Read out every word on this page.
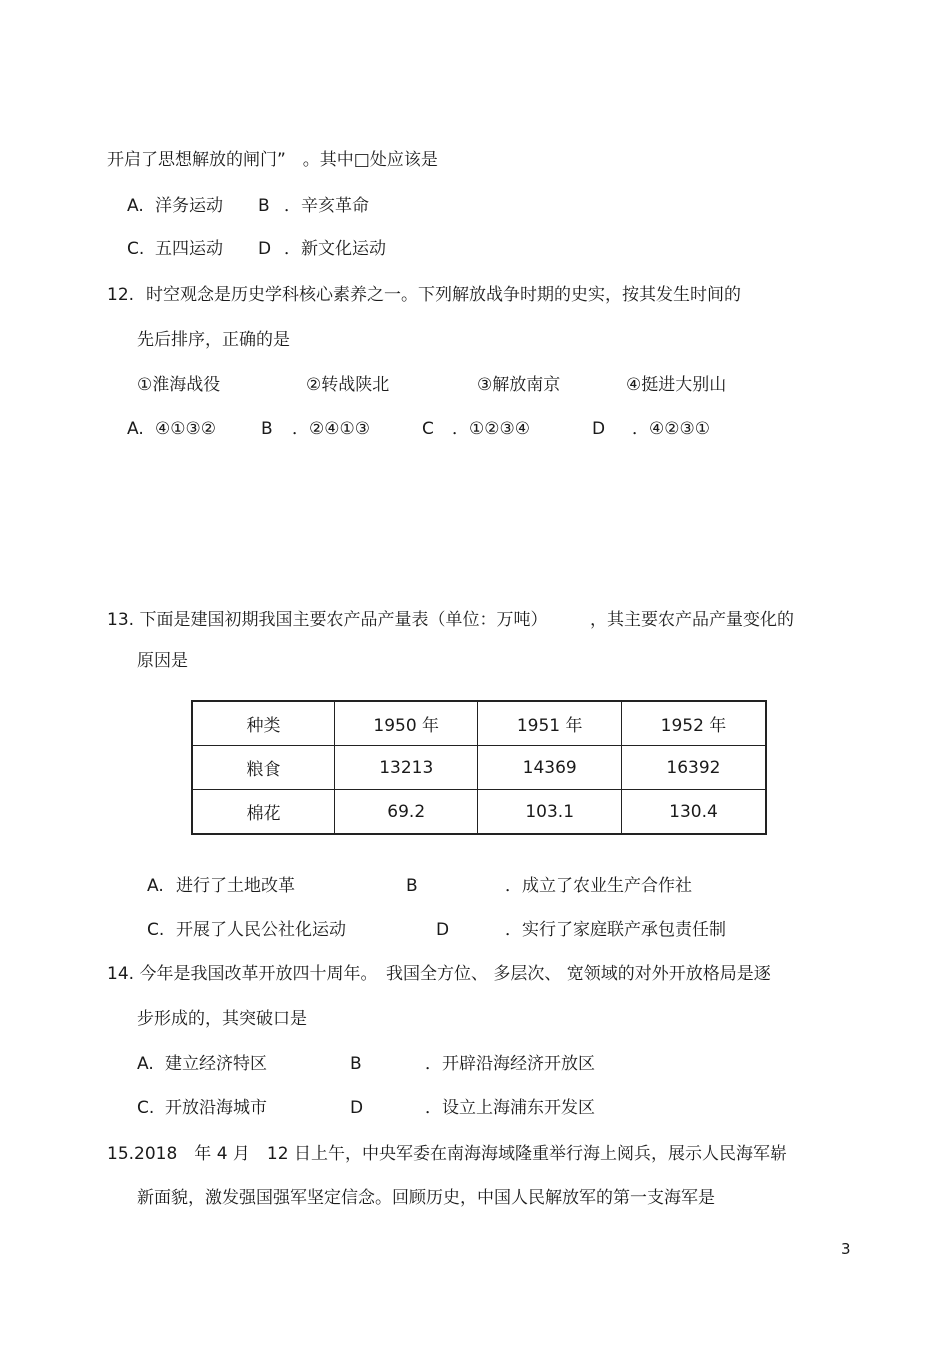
开启了思想解放的闸门”　。其中□处应该是
A. 洋务运动 B ．辛亥革命
C. 五四运动 D ．新文化运动
12. 时空观念是历史学科核心素养之一。下列解放战争时期的史实，按其发生时间的
先后排序，正确的是
①淮海战役	②转战陕北	③解放南京	④挺进大别山
A. ④①③②	B ．②④①③	C ．①②③④	D ．④②③①
13. 下面是建国初期我国主要农产品产量表（单位：万吨）　　　，其主要农产品产量变化的
原因是
种类	1950 年	1951 年	1952 年
粮食	13213	14369	16392
棉花	69.2	103.1	130.4
A. 进行了土地改革	B	．成立了农业生产合作社
C. 开展了人民公社化运动	D	．实行了家庭联产承包责任制
14. 今年是我国改革开放四十周年。　我国全方位、 多层次、 宽领域的对外开放格局是逐
步形成的，其突破口是
A. 建立经济特区	B	．开辟沿海经济开放区
C. 开放沿海城市	D	．设立上海浦东开发区
15.2018　年 4 月　12 日上午，中央军委在南海海域隆重举行海上阅兵，展示人民海军崭
新面貌，激发强国强军坚定信念。回顾历史，中国人民解放军的第一支海军是
3
